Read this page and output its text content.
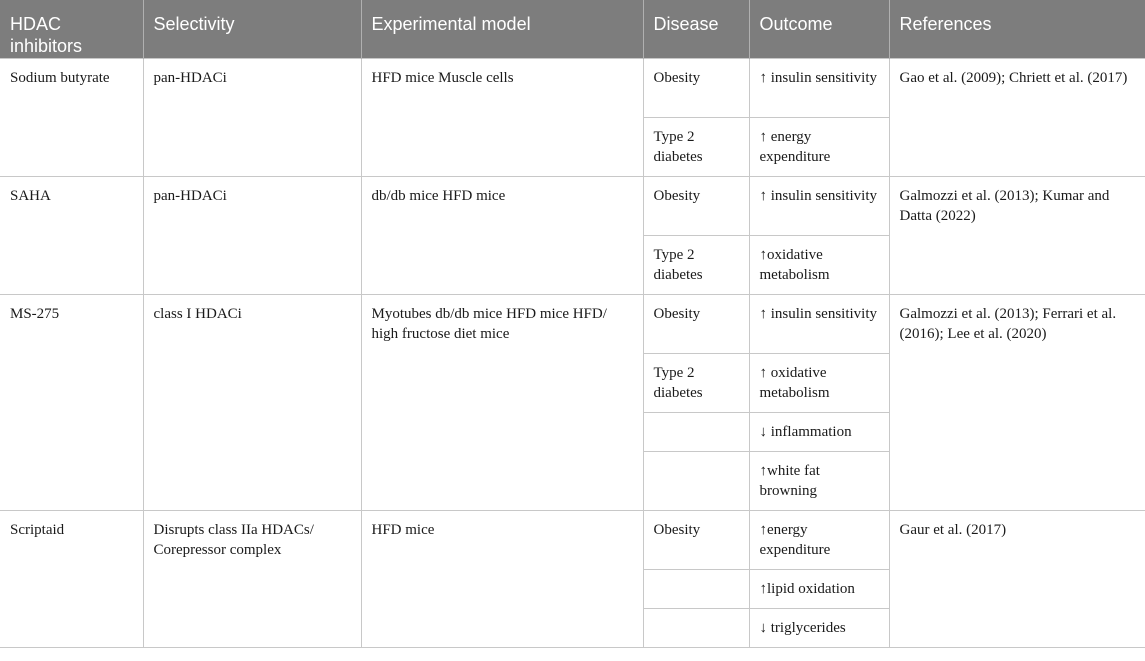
HDAC inhibitors	Selectivity	Experimental model	Disease	Outcome	References
Sodium butyrate	pan-HDACi	HFD mice Muscle cells	Obesity	↑ insulin sensitivity	Gao et al. (2009); Chriett et al. (2017)
			Type 2 diabetes	↑ energy expenditure	
SAHA	pan-HDACi	db/db mice HFD mice	Obesity	↑ insulin sensitivity	Galmozzi et al. (2013); Kumar and Datta (2022)
			Type 2 diabetes	↑oxidative metabolism	
MS-275	class I HDACi	Myotubes db/db mice HFD mice HFD/ high fructose diet mice	Obesity	↑ insulin sensitivity	Galmozzi et al. (2013); Ferrari et al. (2016); Lee et al. (2020)
			Type 2 diabetes	↑ oxidative metabolism	
				↓ inflammation	
				↑white fat browning	
Scriptaid	Disrupts class IIa HDACs/ Corepressor complex	HFD mice	Obesity	↑energy expenditure	Gaur et al. (2017)
				↑lipid oxidation	
				↓ triglycerides	
